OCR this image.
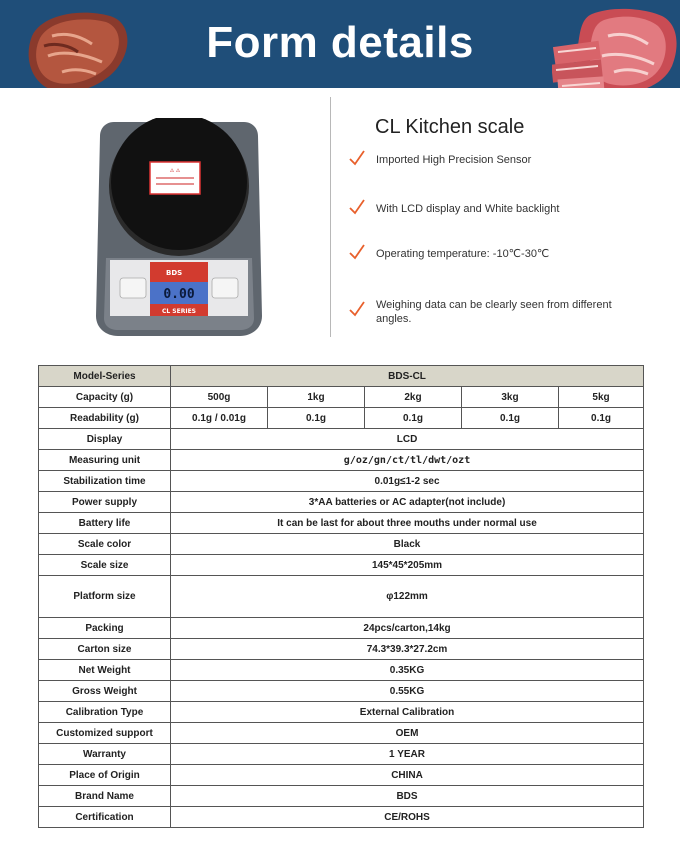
Form details
⚠ ⚠
BDS
0.00
CL SERIES
CL Kitchen scale
Imported High Precision Sensor
With LCD display and White backlight
Operating temperature: -10℃-30℃
Weighing data can be clearly seen from different angles.
Model-Series	BDS-CL				
Capacity (g)	500g	1kg	2kg	3kg	5kg
Readability (g)	0.1g / 0.01g	0.1g	0.1g	0.1g	0.1g
Display	LCD				
Measuring unit	g/oz/gn/ct/tl/dwt/ozt				
Stabilization time	0.01g≤1-2 sec				
Power supply	3*AA batteries or AC adapter(not include)				
Battery life	It can be last for about three mouths under normal use				
Scale color	Black				
Scale size	145*45*205mm				
Platform size	φ122mm				
Packing	24pcs/carton,14kg				
Carton size	74.3*39.3*27.2cm				
Net Weight	0.35KG				
Gross Weight	0.55KG				
Calibration Type	External Calibration				
Customized support	OEM				
Warranty	1 YEAR				
Place of Origin	CHINA				
Brand Name	BDS				
Certification	CE/ROHS				
